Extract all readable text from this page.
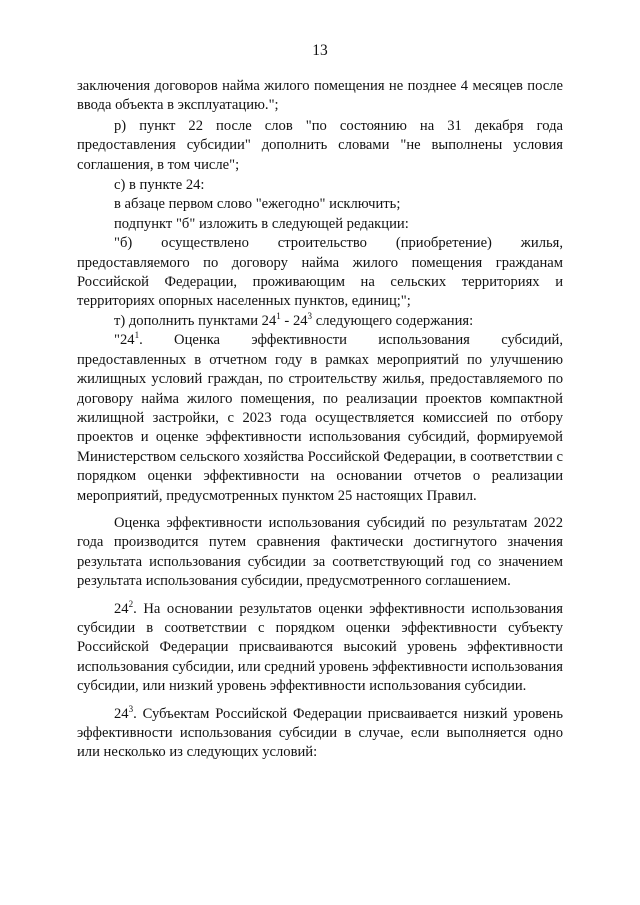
13

заключения договоров найма жилого помещения не позднее 4 месяцев после ввода объекта в эксплуатацию.";

р) пункт 22 после слов "по состоянию на 31 декабря года предоставления субсидии" дополнить словами "не выполнены условия соглашения, в том числе";

с) в пункте 24:

в абзаце первом слово "ежегодно" исключить;

подпункт "б" изложить в следующей редакции:

"б) осуществлено строительство (приобретение) жилья, предоставляемого по договору найма жилого помещения гражданам Российской Федерации, проживающим на сельских территориях и территориях опорных населенных пунктов, единиц;";

т) дополнить пунктами $24^1 - 24^3$ следующего содержания:

"$24^1$. Оценка эффективности использования субсидий, предоставленных в отчетном году в рамках мероприятий по улучшению жилищных условий граждан, по строительству жилья, предоставляемого по договору найма жилого помещения, по реализации проектов компактной жилищной застройки, с 2023 года осуществляется комиссией по отбору проектов и оценке эффективности использования субсидий, формируемой Министерством сельского хозяйства Российской Федерации, в соответствии с порядком оценки эффективности на основании отчетов о реализации мероприятий, предусмотренных пунктом 25 настоящих Правил.

Оценка эффективности использования субсидий по результатам 2022 года производится путем сравнения фактически достигнутого значения результата использования субсидии за соответствующий год со значением результата использования субсидии, предусмотренного соглашением.

$24^2$. На основании результатов оценки эффективности использования субсидии в соответствии с порядком оценки эффективности субъекту Российской Федерации присваиваются высокий уровень эффективности использования субсидии, или средний уровень эффективности использования субсидии, или низкий уровень эффективности использования субсидии.

$24^3$. Субъектам Российской Федерации присваивается низкий уровень эффективности использования субсидии в случае, если выполняется одно или несколько из следующих условий:
